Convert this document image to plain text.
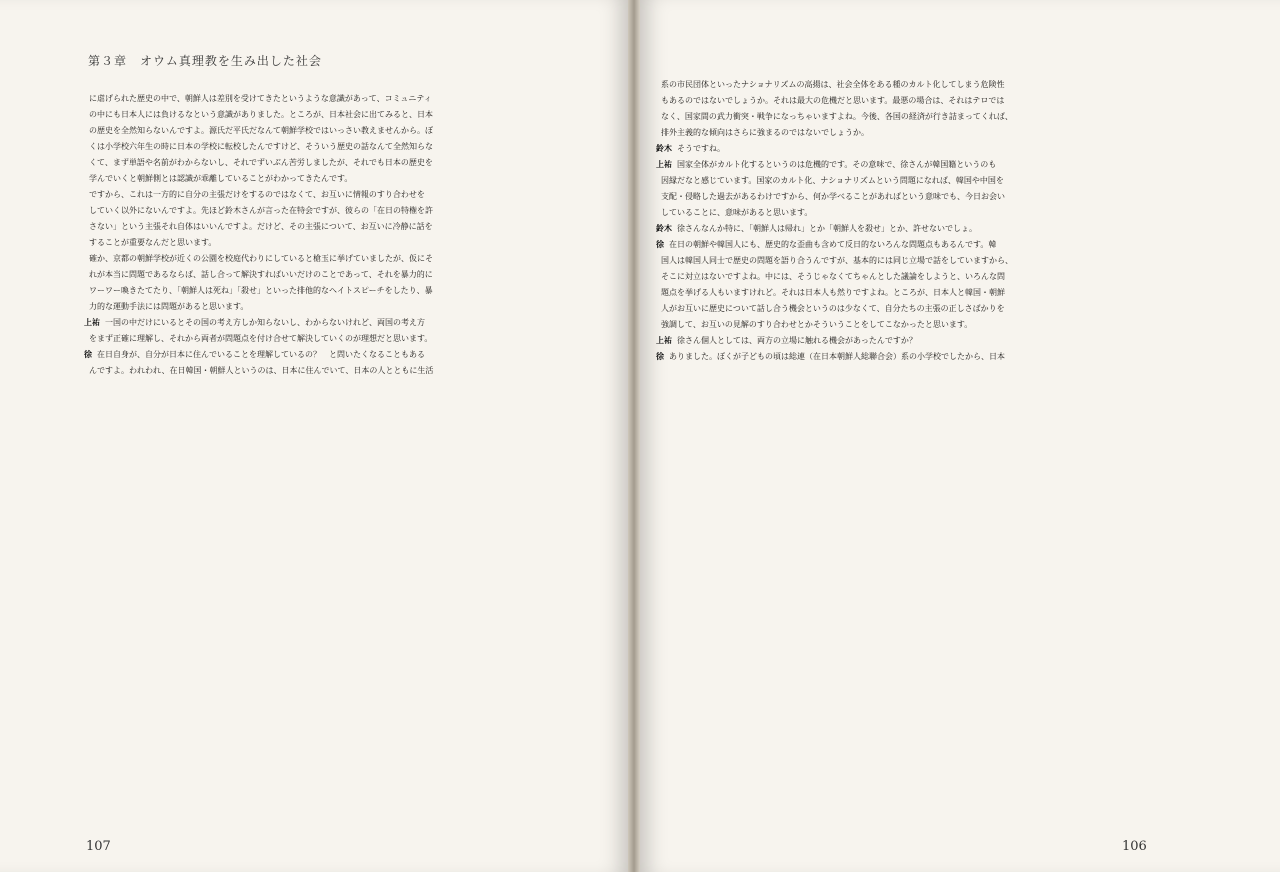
第３章　オウム真理教を生み出した社会
に虐げられた歴史の中で、朝鮮人は差別を受けてきたというような意識があって、コミュニティ
の中にも日本人には負けるなという意識がありました。ところが、日本社会に出てみると、日本
の歴史を全然知らないんですよ。源氏だ平氏だなんて朝鮮学校ではいっさい教えませんから。ぼ
くは小学校六年生の時に日本の学校に転校したんですけど、そういう歴史の話なんて全然知らな
くて、まず単語や名前がわからないし、それでずいぶん苦労しましたが、それでも日本の歴史を
学んでいくと朝鮮側とは認識が乖離していることがわかってきたんです。
ですから、これは一方的に自分の主張だけをするのではなくて、お互いに情報のすり合わせを
していく以外にないんですよ。先ほど鈴木さんが言った在特会ですが、彼らの「在日の特権を許
さない」という主張それ自体はいいんですよ。だけど、その主張について、お互いに冷静に話を
することが重要なんだと思います。
確か、京都の朝鮮学校が近くの公園を校庭代わりにしていると槍玉に挙げていましたが、仮にそ
れが本当に問題であるならば、話し合って解決すればいいだけのことであって、それを暴力的に
ワーワー喚きたてたり、「朝鮮人は死ね」「殺せ」といった排他的なヘイトスピーチをしたり、暴
力的な運動手法には問題があると思います。
上祐 一国の中だけにいるとその国の考え方しか知らないし、わからないけれど、両国の考え方
をまず正確に理解し、それから両者が問題点を付け合せて解決していくのが理想だと思います。
徐 在日自身が、自分が日本に住んでいることを理解しているの？　と問いたくなることもある
んですよ。われわれ、在日韓国・朝鮮人というのは、日本に住んでいて、日本の人とともに生活
107
系の市民団体といったナショナリズムの高揚は、社会全体をある種のカルト化してしまう危険性
もあるのではないでしょうか。それは最大の危機だと思います。最悪の場合は、それはテロでは
なく、国家間の武力衝突・戦争になっちゃいますよね。今後、各国の経済が行き詰まってくれば、
排外主義的な傾向はさらに強まるのではないでしょうか。
鈴木 そうですね。
上祐 国家全体がカルト化するというのは危機的です。その意味で、徐さんが韓国籍というのも
因縁だなと感じています。国家のカルト化、ナショナリズムという問題になれば、韓国や中国を
支配・侵略した過去があるわけですから、何か学べることがあればという意味でも、今日お会い
していることに、意味があると思います。
鈴木 徐さんなんか特に、「朝鮮人は帰れ」とか「朝鮮人を殺せ」とか、許せないでしょ。
徐 在日の朝鮮や韓国人にも、歴史的な歪曲も含めて反日的ないろんな問題点もあるんです。韓
国人は韓国人同士で歴史の問題を語り合うんですが、基本的には同じ立場で話をしていますから、
そこに対立はないですよね。中には、そうじゃなくてちゃんとした議論をしようと、いろんな問
題点を挙げる人もいますけれど。それは日本人も然りですよね。ところが、日本人と韓国・朝鮮
人がお互いに歴史について話し合う機会というのは少なくて、自分たちの主張の正しさばかりを
強調して、お互いの見解のすり合わせとかそういうことをしてこなかったと思います。
上祐 徐さん個人としては、両方の立場に触れる機会があったんですか？
徐 ありました。ぼくが子どもの頃は総連（在日本朝鮮人総聯合会）系の小学校でしたから、日本
106
